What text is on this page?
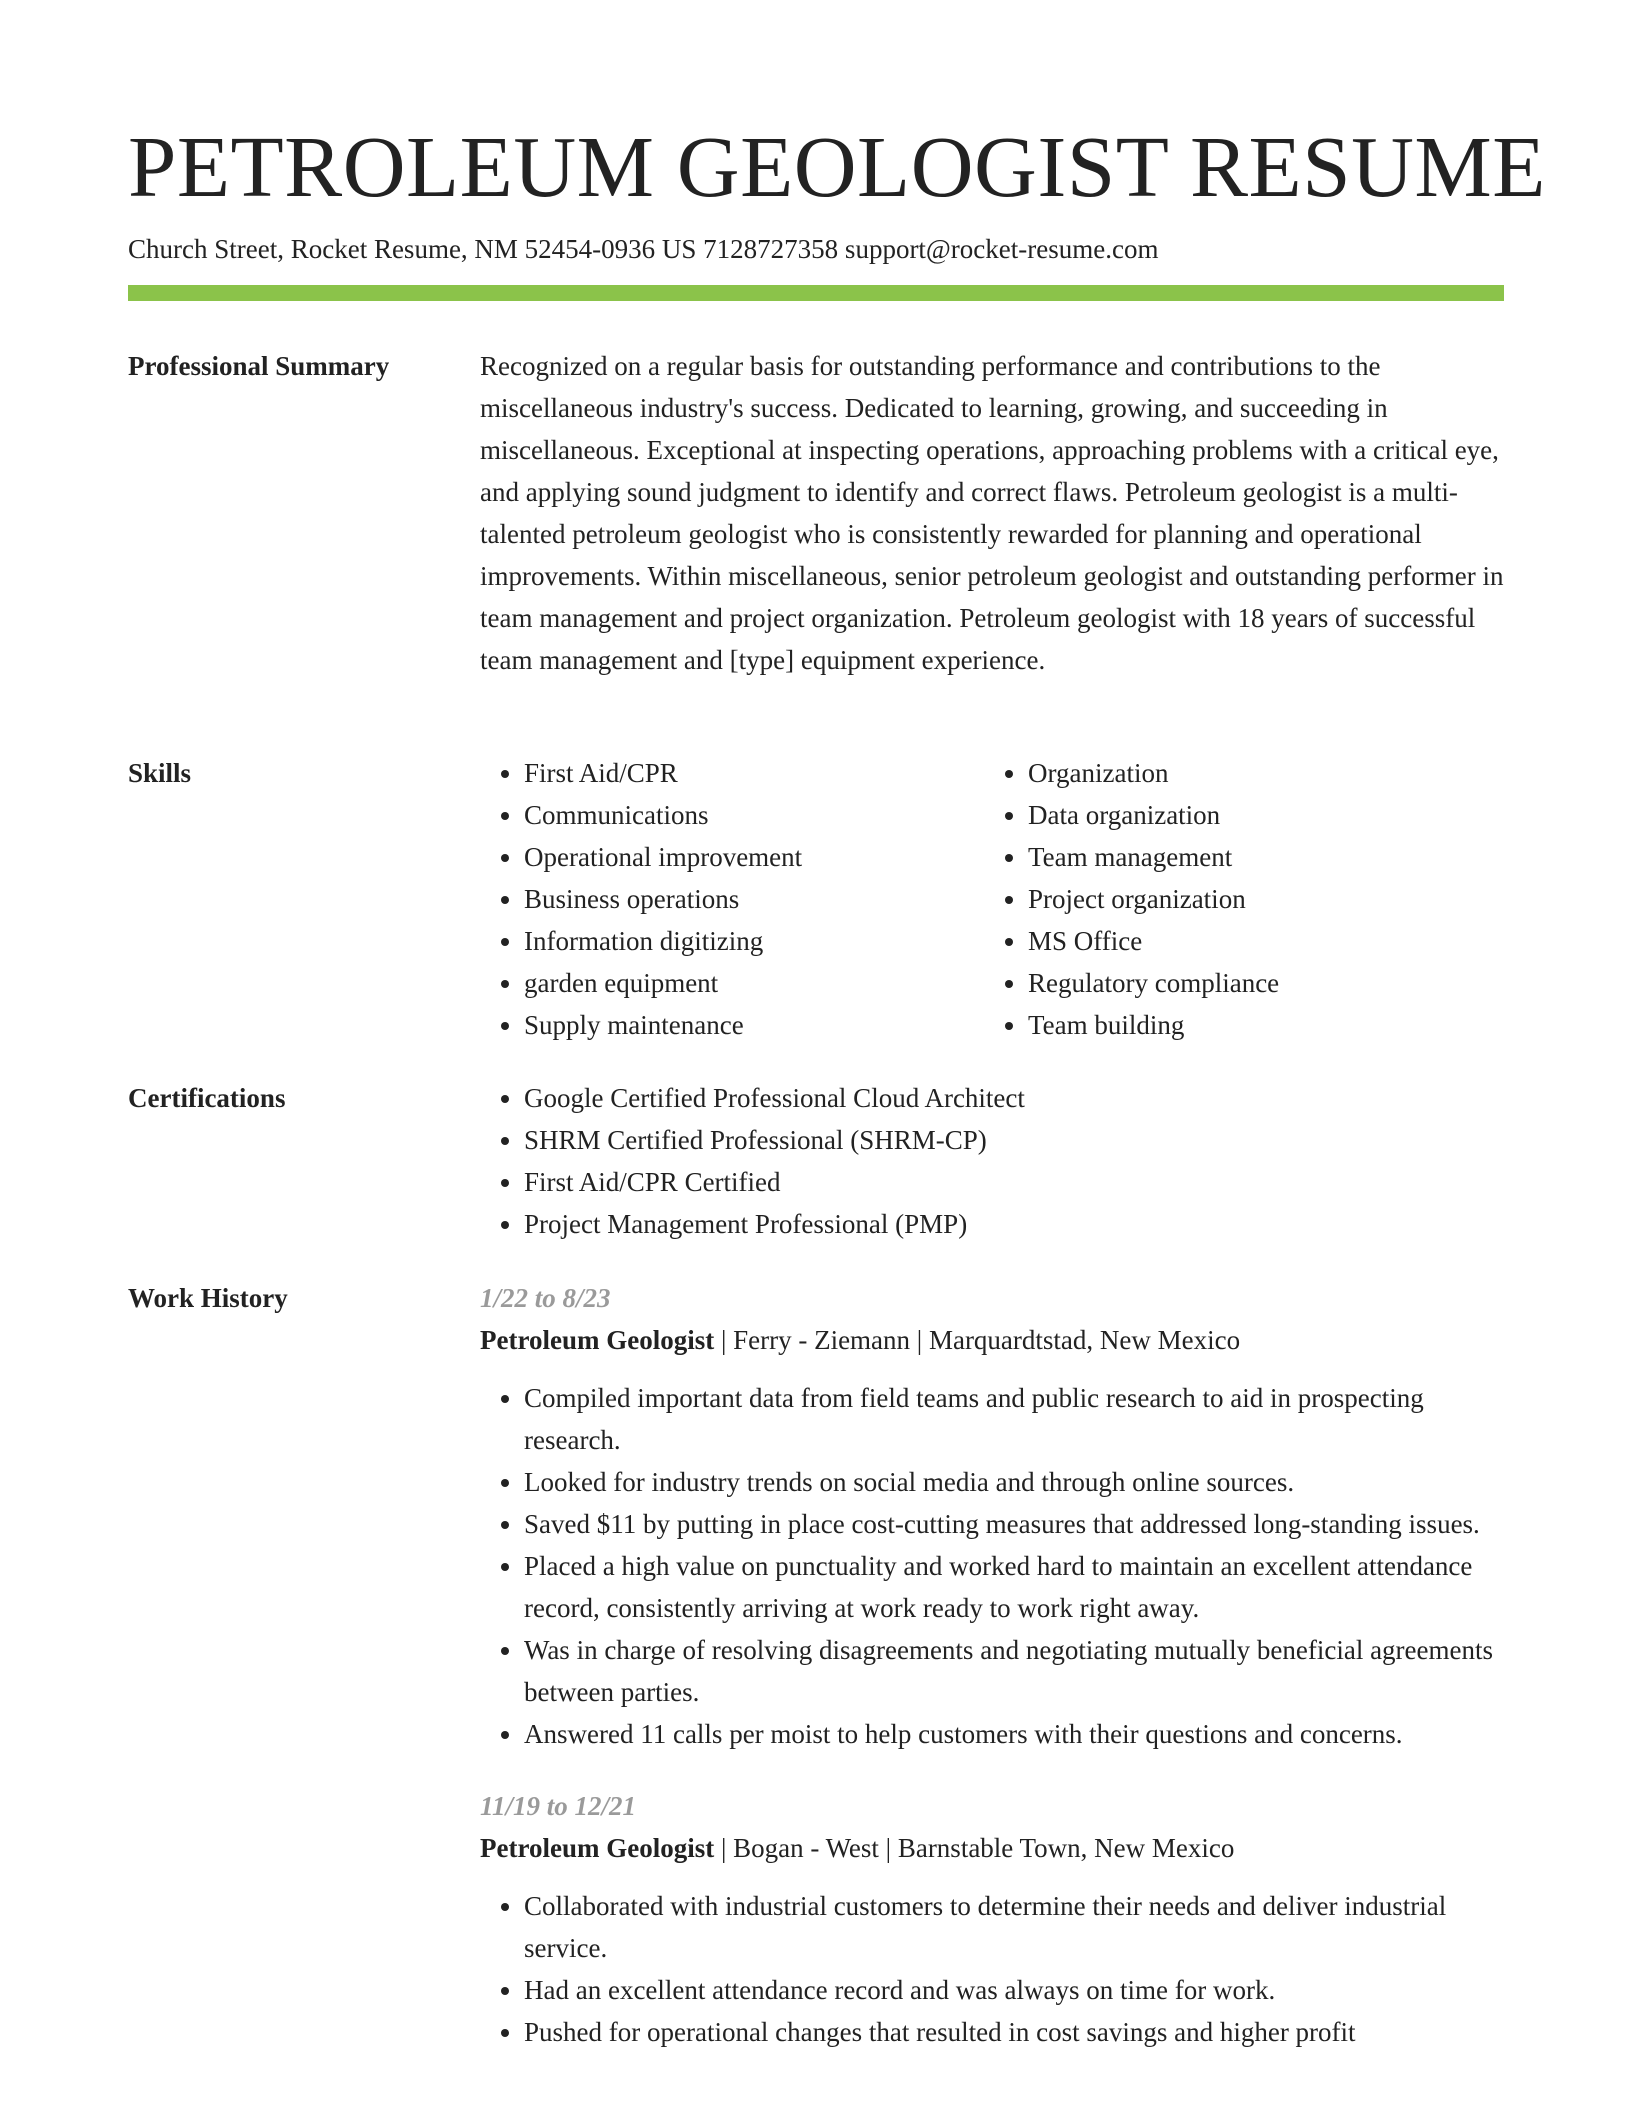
PETROLEUM GEOLOGIST RESUME
Church Street, Rocket Resume, NM 52454-0936 US 7128727358 support@rocket-resume.com
Professional Summary	Recognized on a regular basis for outstanding performance and contributions to the miscellaneous industry's success. Dedicated to learning, growing, and succeeding in miscellaneous. Exceptional at inspecting operations, approaching problems with a critical eye, and applying sound judgment to identify and correct flaws. Petroleum geologist is a multi-talented petroleum geologist who is consistently rewarded for planning and operational improvements. Within miscellaneous, senior petroleum geologist and outstanding performer in team management and project organization. Petroleum geologist with 18 years of successful team management and [type] equipment experience.

Skills	• First Aid/CPR
• Communications
• Operational improvement
• Business operations
• Information digitizing
• garden equipment
• Supply maintenance
• Organization
• Data organization
• Team management
• Project organization
• MS Office
• Regulatory compliance
• Team building
Certifications	• Google Certified Professional Cloud Architect
• SHRM Certified Professional (SHRM-CP)
• First Aid/CPR Certified
• Project Management Professional (PMP)
Work History	1/22 to 8/23
Petroleum Geologist | Ferry - Ziemann | Marquardtstad, New Mexico
• Compiled important data from field teams and public research to aid in prospecting research.
• Looked for industry trends on social media and through online sources.
• Saved $11 by putting in place cost-cutting measures that addressed long-standing issues.
• Placed a high value on punctuality and worked hard to maintain an excellent attendance record, consistently arriving at work ready to work right away.
• Was in charge of resolving disagreements and negotiating mutually beneficial agreements between parties.
• Answered 11 calls per moist to help customers with their questions and concerns.
11/19 to 12/21
Petroleum Geologist | Bogan - West | Barnstable Town, New Mexico
• Collaborated with industrial customers to determine their needs and deliver industrial service.
• Had an excellent attendance record and was always on time for work.
• Pushed for operational changes that resulted in cost savings and higher profit
